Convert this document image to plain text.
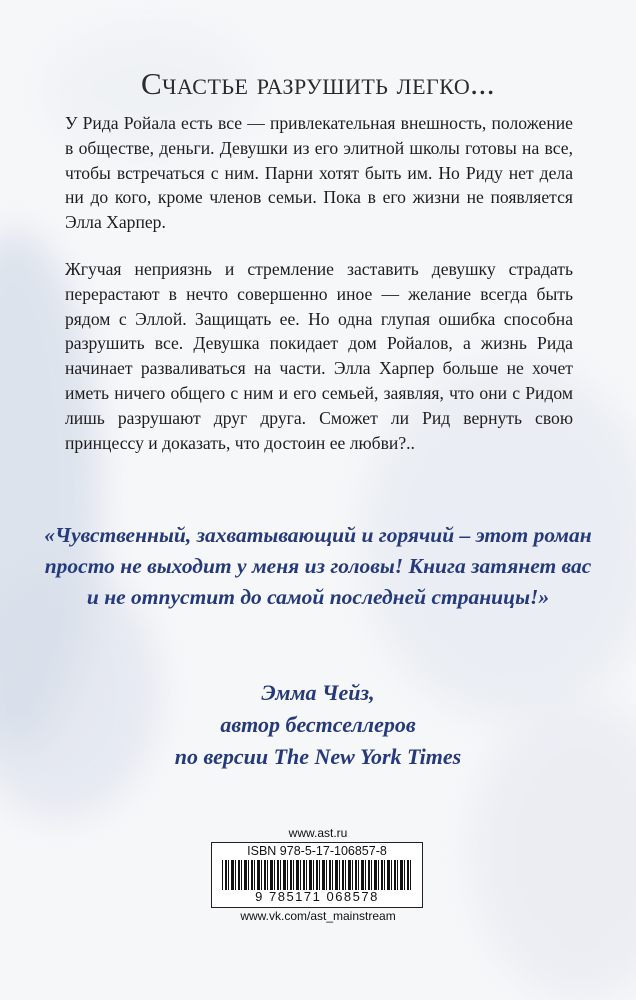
Счастье разрушить легко...

У Рида Ройала есть все — привлекательная внешность, положение в обществе, деньги. Девушки из его элитной школы готовы на все, чтобы встречаться с ним. Парни хотят быть им. Но Риду нет дела ни до кого, кроме членов семьи. Пока в его жизни не появляется Элла Харпер.

Жгучая неприязнь и стремление заставить девушку страдать перерастают в нечто совершенно иное — желание всегда быть рядом с Эллой. Защищать ее. Но одна глупая ошибка способна разрушить все. Девушка покидает дом Ройалов, а жизнь Рида начинает разваливаться на части. Элла Харпер больше не хочет иметь ничего общего с ним и его семьей, заявляя, что они с Ридом лишь разрушают друг друга. Сможет ли Рид вернуть свою принцессу и доказать, что достоин ее любви?..

«Чувственный, захватывающий и горячий – этот роман просто не выходит у меня из головы! Книга затянет вас и не отпустит до самой последней страницы!»

Эмма Чейз,
автор бестселлеров
по версии The New York Times
www.ast.ru
ISBN 978-5-17-106857-8
9 785171 068578
www.vk.com/ast_mainstream
